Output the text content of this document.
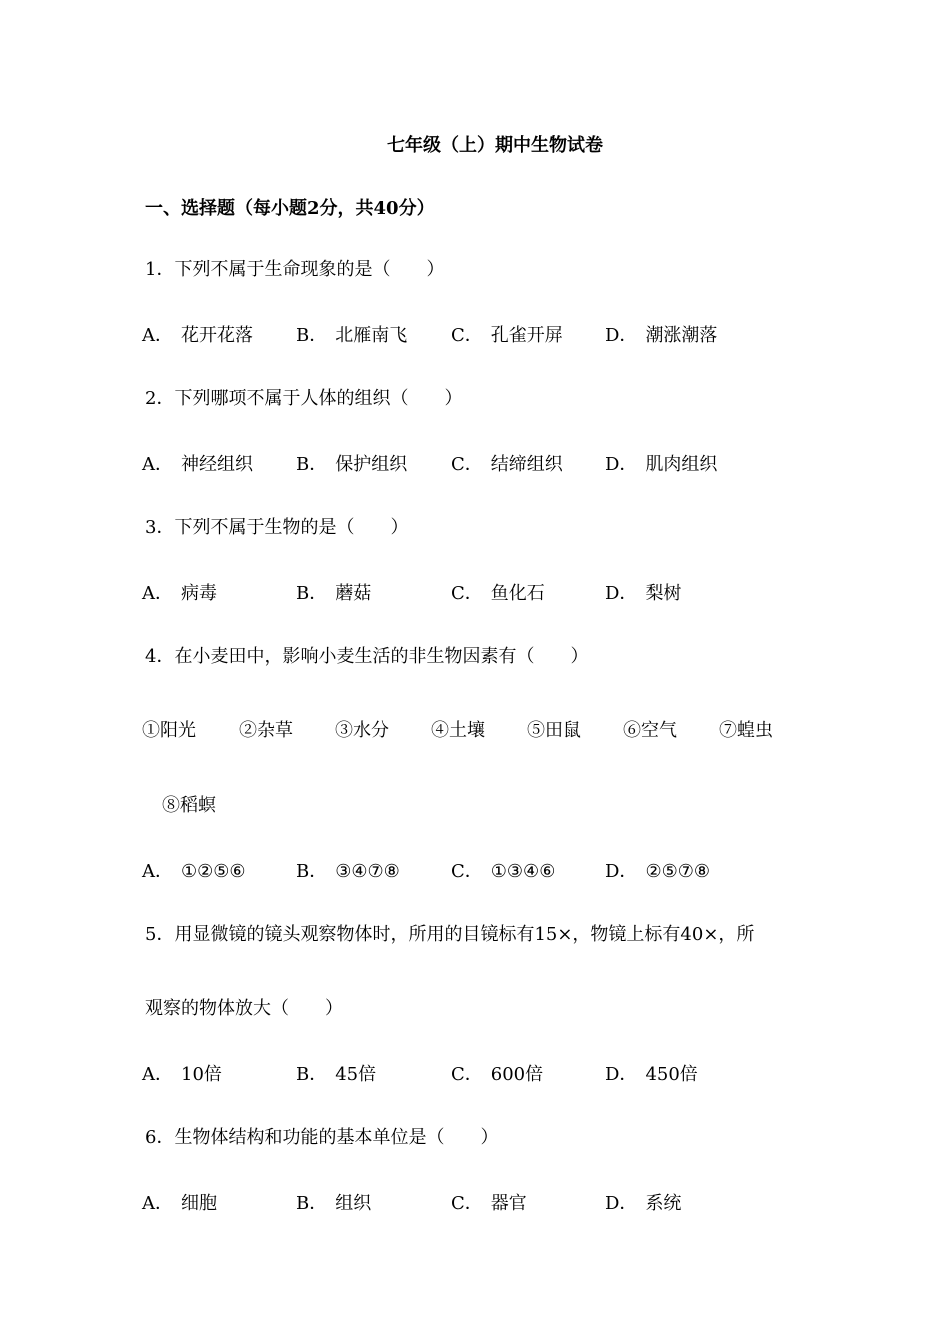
七年级（上）期中生物试卷
一、选择题（每小题2分，共40分）
1．下列不属于生命现象的是（　　）
A． 花开花落 B． 北雁南飞 C． 孔雀开屏 D． 潮涨潮落
2．下列哪项不属于人体的组织（　　）
A． 神经组织 B． 保护组织 C． 结缔组织 D． 肌肉组织
3．下列不属于生物的是（　　）
A． 病毒	B． 蘑菇	C． 鱼化石	D． 梨树
4．在小麦田中，影响小麦生活的非生物因素有（　　）
①阳光 ②杂草 ③水分 ④土壤 ⑤田鼠 ⑥空气 ⑦蝗虫
⑧稻螟
A． ①②⑤⑥	B． ③④⑦⑧	C． ①③④⑥	D． ②⑤⑦⑧
5．用显微镜的镜头观察物体时，所用的目镜标有15×，物镜上标有40×，所
观察的物体放大（　　）
A． 10倍	B． 45倍	C． 600倍	D． 450倍
6．生物体结构和功能的基本单位是（　　）
A． 细胞	B． 组织	C． 器官	D． 系统
